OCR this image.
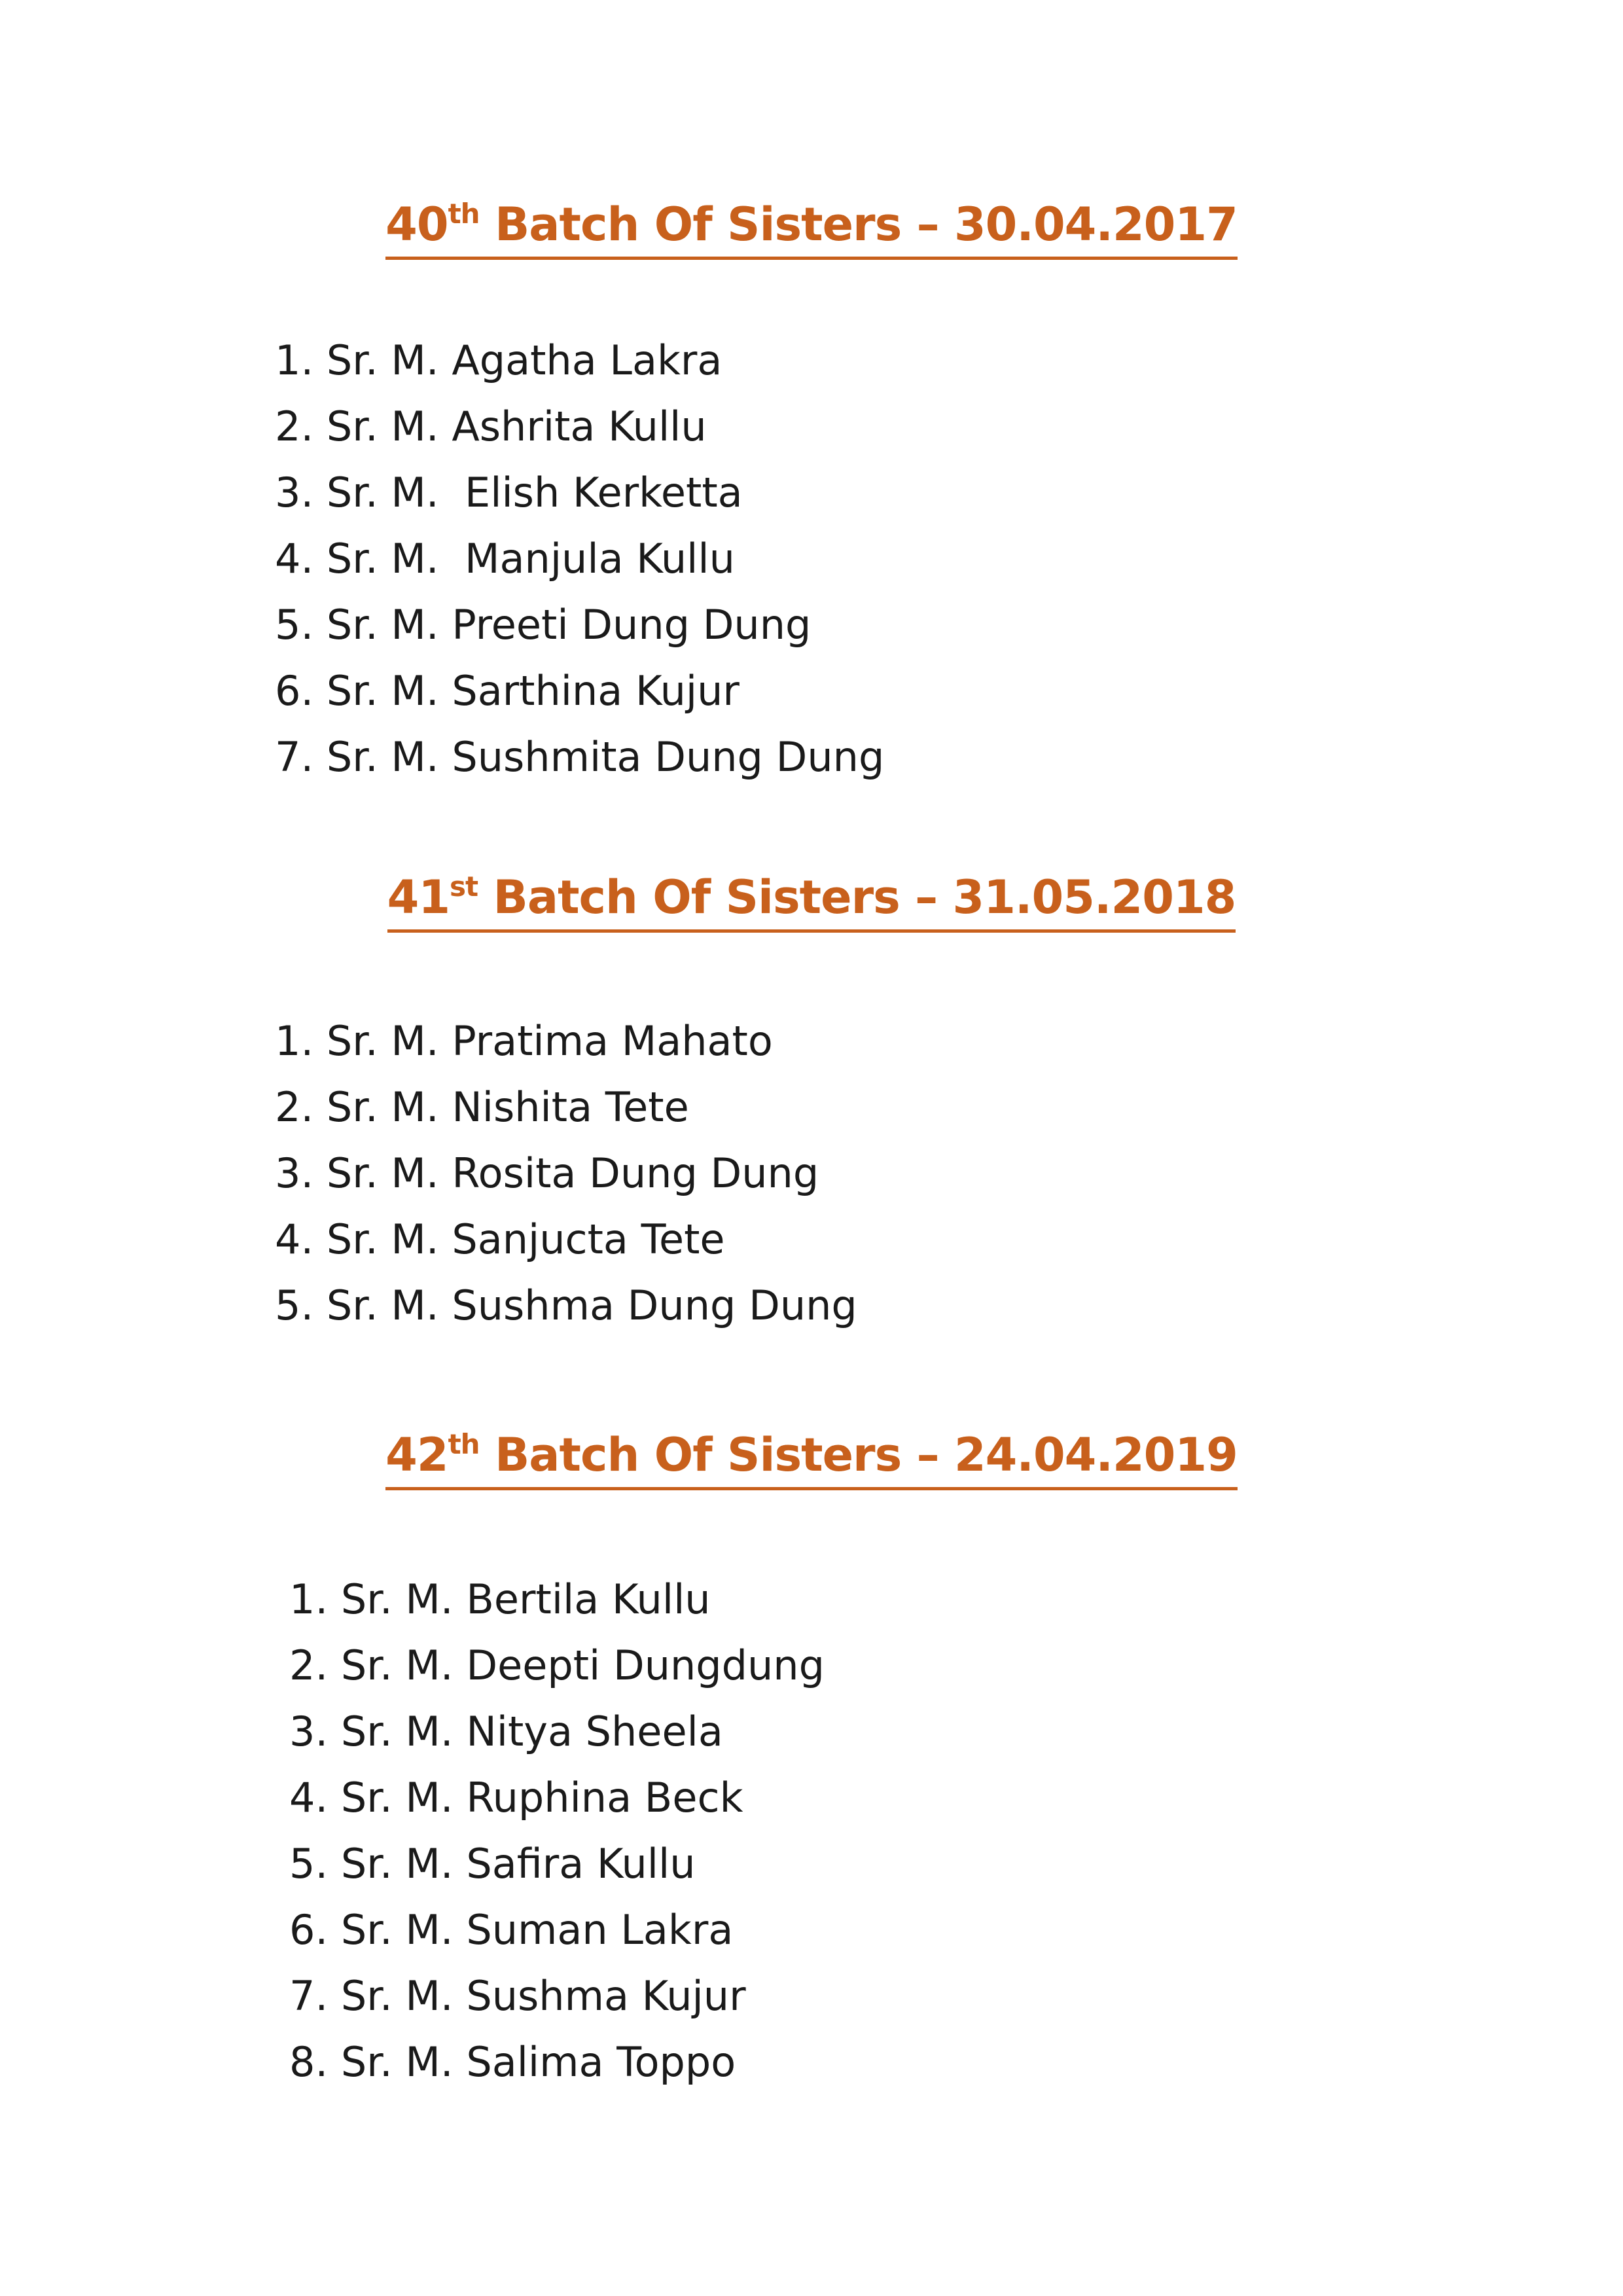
40th Batch Of Sisters – 30.04.2017
1. Sr. M. Agatha Lakra
2. Sr. M. Ashrita Kullu
3. Sr. M.  Elish Kerketta
4. Sr. M.  Manjula Kullu
5. Sr. M. Preeti Dung Dung
6. Sr. M. Sarthina Kujur
7. Sr. M. Sushmita Dung Dung
41st Batch Of Sisters – 31.05.2018
1. Sr. M. Pratima Mahato
2. Sr. M. Nishita Tete
3. Sr. M. Rosita Dung Dung
4. Sr. M. Sanjucta Tete
5. Sr. M. Sushma Dung Dung
42th Batch Of Sisters – 24.04.2019
1. Sr. M. Bertila Kullu
2. Sr. M. Deepti Dungdung
3. Sr. M. Nitya Sheela
4. Sr. M. Ruphina Beck
5. Sr. M. Safira Kullu
6. Sr. M. Suman Lakra
7. Sr. M. Sushma Kujur
8. Sr. M. Salima Toppo
